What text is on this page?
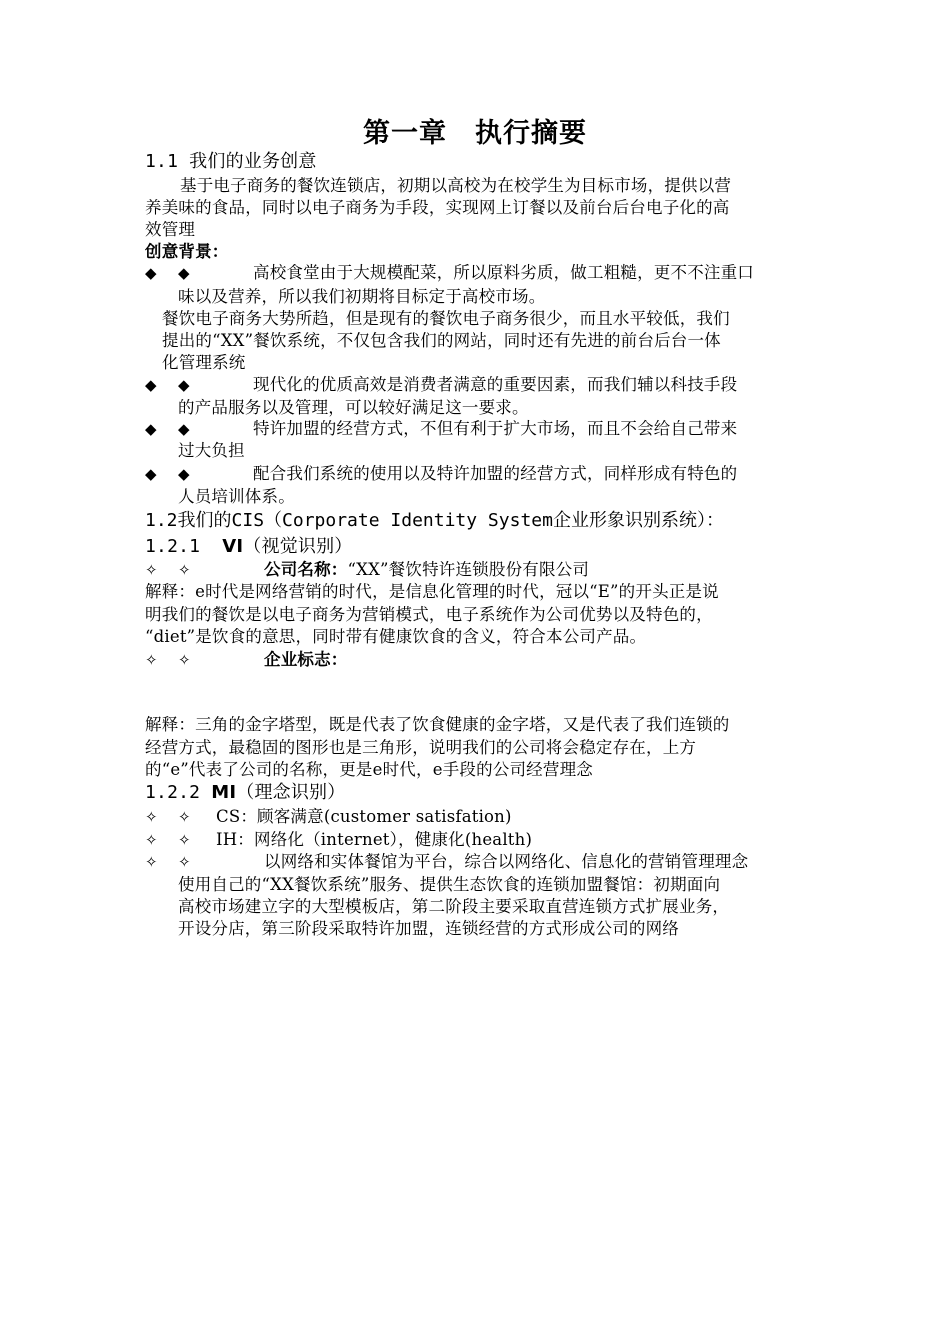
第一章　执行摘要
1.1 我们的业务创意
基于电子商务的餐饮连锁店，初期以高校为在校学生为目标市场，提供以营
养美味的食品，同时以电子商务为手段，实现网上订餐以及前台后台电子化的高
效管理
创意背景：
◆ ◆	高校食堂由于大规模配菜，所以原料劣质，做工粗糙，更不不注重口
味以及营养，所以我们初期将目标定于高校市场。
餐饮电子商务大势所趋，但是现有的餐饮电子商务很少，而且水平较低，我们
提出的“XX”餐饮系统，不仅包含我们的网站，同时还有先进的前台后台一体
化管理系统
◆ ◆	现代化的优质高效是消费者满意的重要因素，而我们辅以科技手段
的产品服务以及管理，可以较好满足这一要求。
◆ ◆	特许加盟的经营方式，不但有利于扩大市场，而且不会给自己带来
过大负担
◆ ◆	配合我们系统的使用以及特许加盟的经营方式，同样形成有特色的
人员培训体系。
1.2我们的CIS（Corporate Identity System企业形象识别系统）：
1.2.1 VI（视觉识别）
✧ ✧	公司名称：“XX”餐饮特许连锁股份有限公司
解释：e时代是网络营销的时代，是信息化管理的时代，冠以“E”的开头正是说
明我们的餐饮是以电子商务为营销模式，电子系统作为公司优势以及特色的，
“diet”是饮食的意思，同时带有健康饮食的含义，符合本公司产品。
✧ ✧	企业标志：
解释：三角的金字塔型，既是代表了饮食健康的金字塔，又是代表了我们连锁的
经营方式，最稳固的图形也是三角形，说明我们的公司将会稳定存在，上方
的“e”代表了公司的名称，更是e时代，e手段的公司经营理念
1.2.2 MI（理念识别）
✧ ✧ CS：顾客满意(customer satisfation)
✧ ✧ IH：网络化（internet），健康化(health)
✧ ✧	以网络和实体餐馆为平台，综合以网络化、信息化的营销管理理念
使用自己的“XX餐饮系统”服务、提供生态饮食的连锁加盟餐馆：初期面向
高校市场建立字的大型模板店，第二阶段主要采取直营连锁方式扩展业务，
开设分店，第三阶段采取特许加盟，连锁经营的方式形成公司的网络
